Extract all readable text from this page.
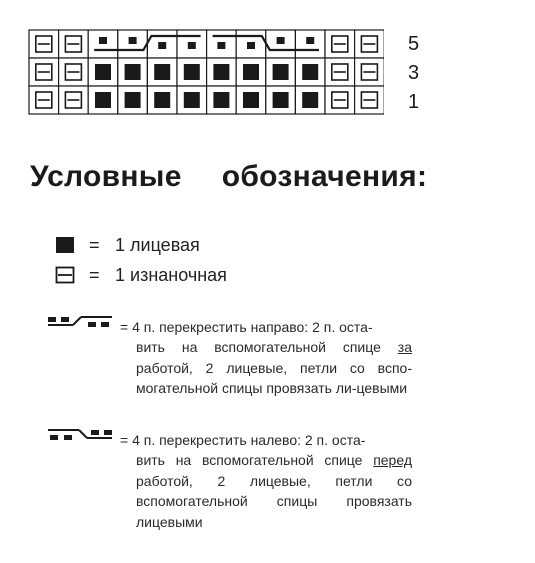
5
3
1
Условные обозначения:
= 1 лицевая
= 1 изнаночная

= 4 п. перекрестить направо: 2 п. оста-
вить на вспомогательной спице за работой, 2 лицевые, петли со вспо-могательной спицы провязать ли-цевыми

= 4 п. перекрестить налево: 2 п. оста-
вить на вспомогательной спице перед работой, 2 лицевые, петли со вспомогательной спицы провязать лицевыми
